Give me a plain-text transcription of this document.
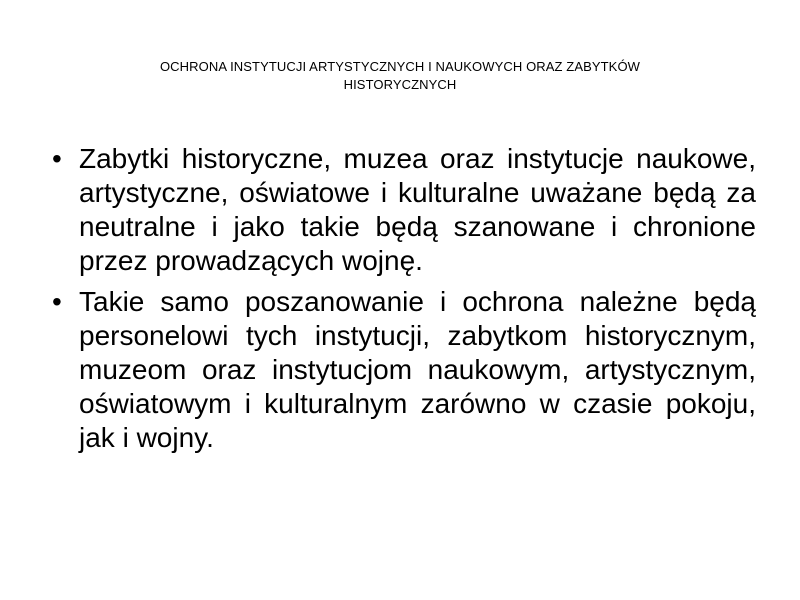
OCHRONA INSTYTUCJI ARTYSTYCZNYCH I NAUKOWYCH ORAZ ZABYTKÓW
HISTORYCZNYCH
• Zabytki historyczne, muzea oraz instytucje naukowe, artystyczne, oświatowe i kulturalne uważane będą za neutralne i jako takie będą szanowane i chronione przez prowadzących wojnę.
• Takie samo poszanowanie i ochrona należne będą personelowi tych instytucji, zabytkom historycznym, muzeom oraz instytucjom naukowym, artystycznym, oświatowym i kulturalnym zarówno w czasie pokoju, jak i wojny.
